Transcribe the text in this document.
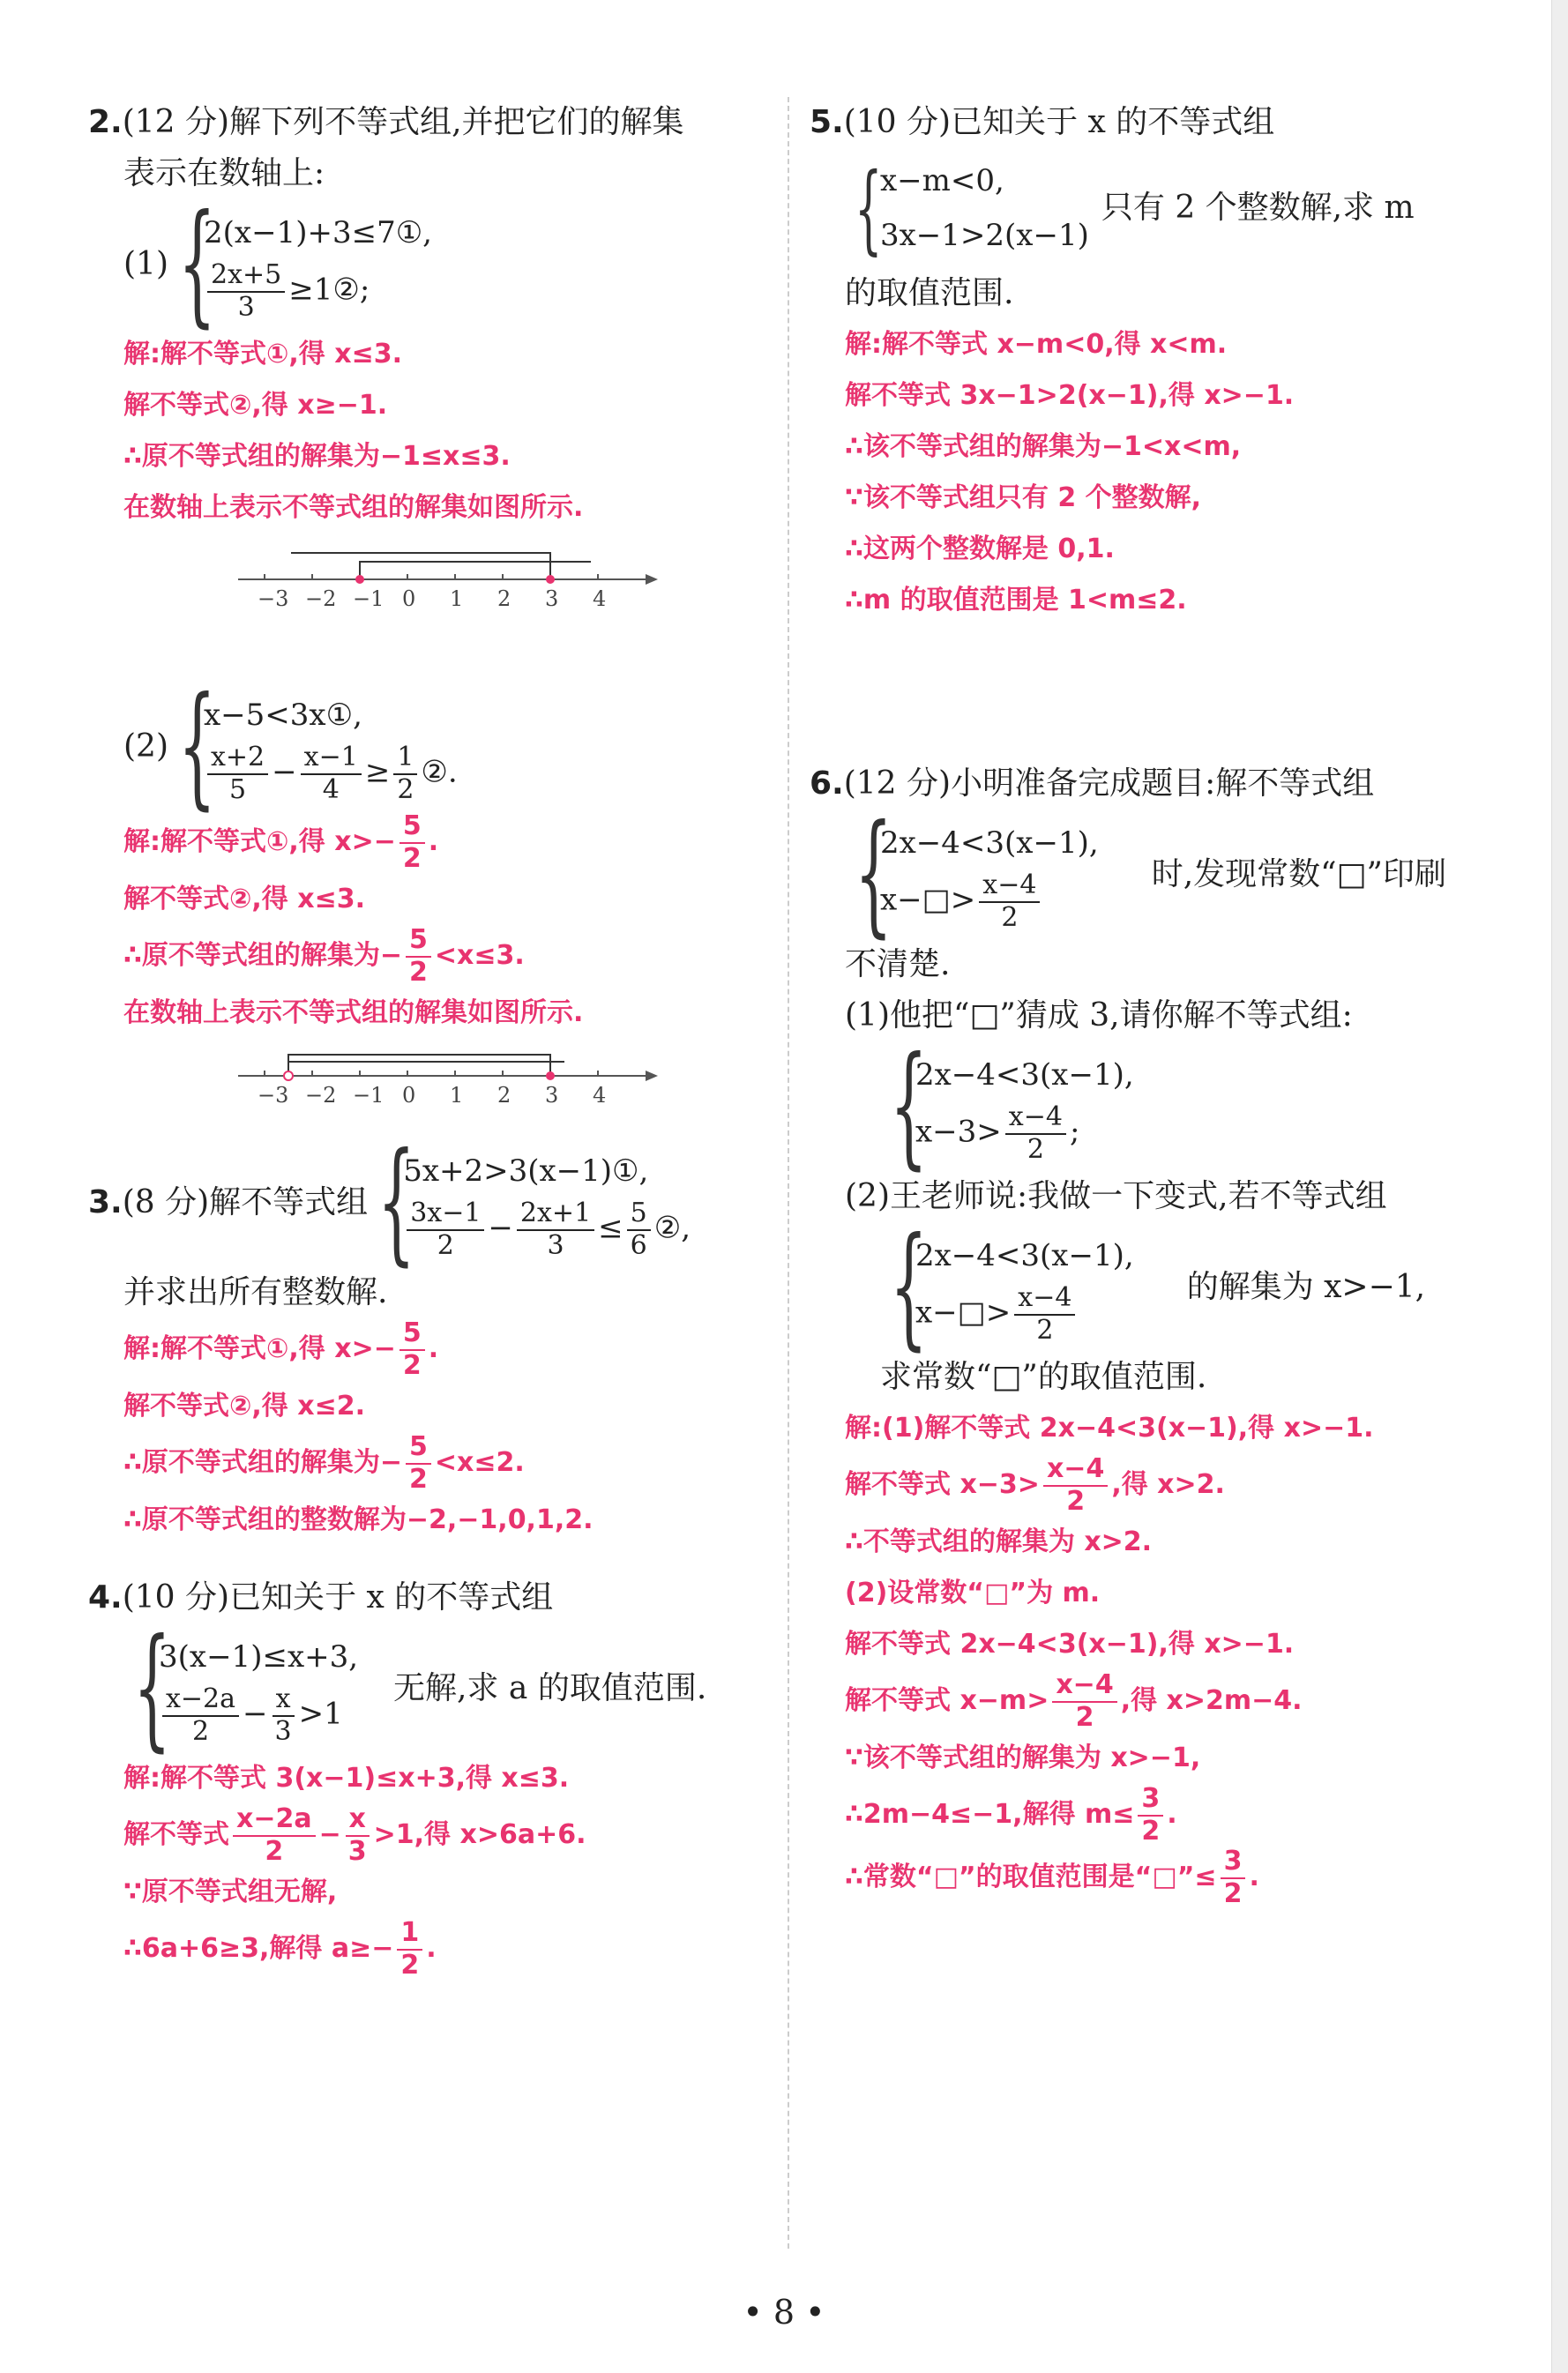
2.(12 分)解下列不等式组,并把它们的解集
表示在数轴上:
(1) {
2(x−1)+3≤7①,
$\frac{2x+5}{3}$ ≥1②;
解:解不等式①,得 x≤3.
解不等式②,得 x≥−1.
∴原不等式组的解集为−1≤x≤3.
在数轴上表示不等式组的解集如图所示.
−3 −2 −1 0 1 2 3 4
(2) {
x−5<3x①,
$\frac{x+2}{5} - \frac{x-1}{4} \ge \frac{1}{2}$ ②.
解:解不等式①,得 $x>- \frac{5}{2}$ .
解不等式②,得 x≤3.
∴原不等式组的解集为− $\frac{5}{2} <x\le 3$.
在数轴上表示不等式组的解集如图所示.
−3 −2 −1 0 1 2 3 4
3. (8 分)解不等式组 {
5x+2>3(x−1)①,
$\frac{3x-1}{2} - \frac{2x+1}{3} \le \frac{5}{6}$ ②,
并求出所有整数解.
解:解不等式①,得 $x>- \frac{5}{2}$ .
解不等式②,得 x≤2.
∴原不等式组的解集为− $\frac{5}{2} <x\le 2$.
∴原不等式组的整数解为−2,−1,0,1,2.
4.(10 分)已知关于 x 的不等式组
{
3(x−1)≤x+3,
$\frac{x-2a}{2} - \frac{x}{3} >1$
无解,求 a 的取值范围.
解:解不等式 3(x−1)≤x+3,得 x≤3.
解不等式 $\frac{x-2a}{2} - \frac{x}{3} >1$,得 x>6a+6.
∵原不等式组无解,
∴6a+6≥3,解得 $a\ge- \frac{1}{2}$ .
5.(10 分)已知关于 x 的不等式组
{
x−m<0,
3x−1>2(x−1)
只有 2 个整数解,求 m
的取值范围.
解:解不等式 x−m<0,得 x<m.
解不等式 3x−1>2(x−1),得 x>−1.
∴该不等式组的解集为−1<x<m,
∵该不等式组只有 2 个整数解,
∴这两个整数解是 0,1.
∴m 的取值范围是 1<m≤2.
6.(12 分)小明准备完成题目:解不等式组
{
2x−4<3(x−1),
x−□> $\frac{x-4}{2}$	时,发现常数“□”印刷
不清楚.
(1)他把“□”猜成 3,请你解不等式组:
{
2x−4<3(x−1),
$x-3> \frac{x-4}{2}$ ;
(2)王老师说:我做一下变式,若不等式组
{
2x−4<3(x−1),
x−□> $\frac{x-4}{2}$	的解集为 x>−1,
求常数“□”的取值范围.
解:(1)解不等式 2x−4<3(x−1),得 x>−1.
解不等式 $x-3> \frac{x-4}{2}$ ,得 x>2.
∴不等式组的解集为 x>2.
(2)设常数“□”为 m.
解不等式 2x−4<3(x−1),得 x>−1.
解不等式 $x-m> \frac{x-4}{2}$ ,得 x>2m−4.
∵该不等式组的解集为 x>−1,
∴2m−4≤−1,解得 $m\le \frac{3}{2}$ .
∴常数“□”的取值范围是“□”≤ $\frac{3}{2}$ .
• 8 •
